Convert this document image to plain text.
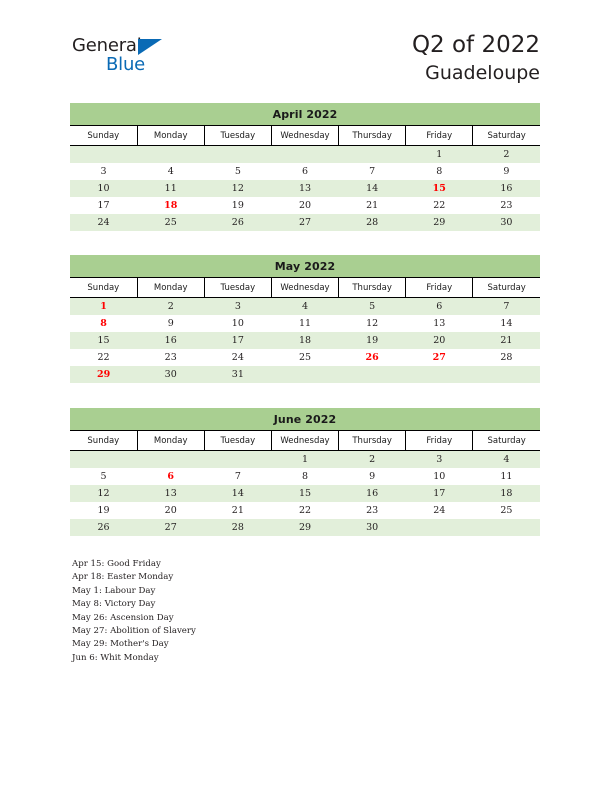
General
Blue
Q2 of 2022
Guadeloupe
April 2022						
Sunday	Monday	Tuesday	Wednesday	Thursday	Friday	Saturday
					1	2
3	4	5	6	7	8	9
10	11	12	13	14	15	16
17	18	19	20	21	22	23
24	25	26	27	28	29	30
May 2022						
Sunday	Monday	Tuesday	Wednesday	Thursday	Friday	Saturday
1	2	3	4	5	6	7
8	9	10	11	12	13	14
15	16	17	18	19	20	21
22	23	24	25	26	27	28
29	30	31				
June 2022						
Sunday	Monday	Tuesday	Wednesday	Thursday	Friday	Saturday
			1	2	3	4
5	6	7	8	9	10	11
12	13	14	15	16	17	18
19	20	21	22	23	24	25
26	27	28	29	30		
Apr 15: Good Friday
Apr 18: Easter Monday
May 1: Labour Day
May 8: Victory Day
May 26: Ascension Day
May 27: Abolition of Slavery
May 29: Mother's Day
Jun 6: Whit Monday
